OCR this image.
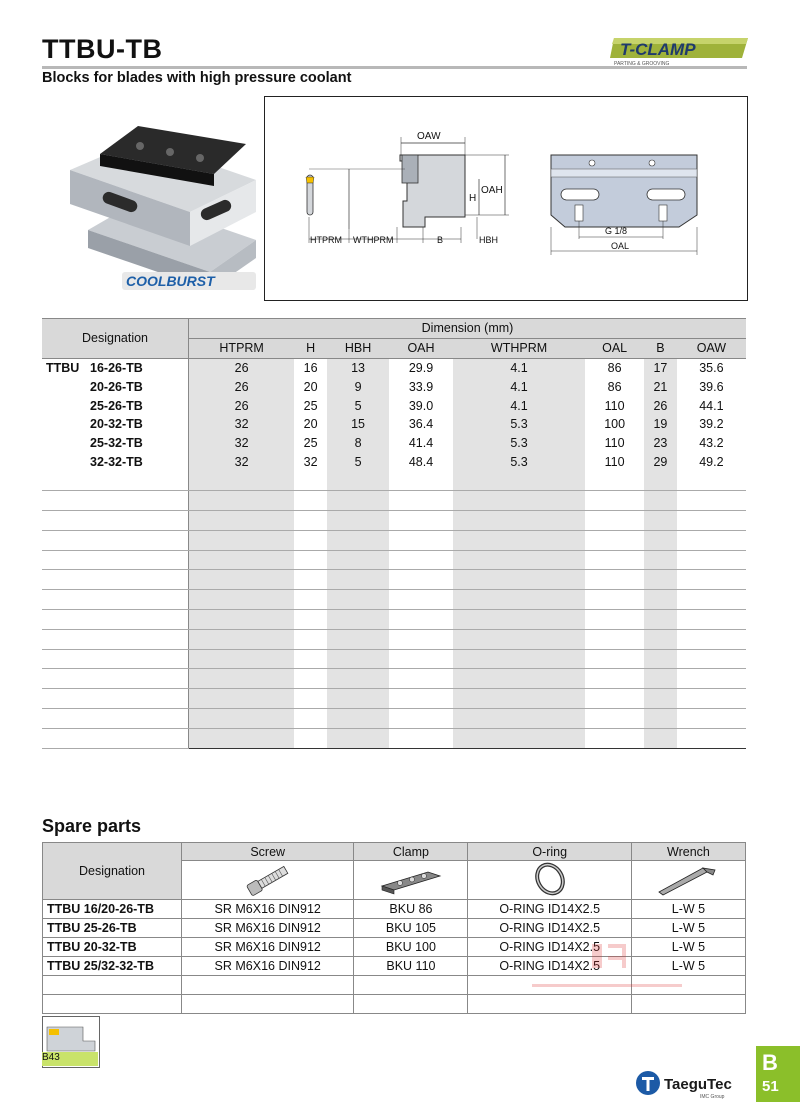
TTBU-TB
Blocks for blades with high pressure coolant
T-CLAMP
PARTING & GROOVING
COOLBURST
OAW
OAH
H
HTPRM WTHPRM	B	HBH
G 1/8
OAL
Designation	Dimension (mm)							
	HTPRM	H	HBH	OAH	WTHPRM	OAL	B	OAW
TTBU 16-26-TB	26	16	13	29.9	4.1	86	17	35.6
20-26-TB	26	20	9	33.9	4.1	86	21	39.6
25-26-TB	26	25	5	39.0	4.1	110	26	44.1
20-32-TB	32	20	15	36.4	5.3	100	19	39.2
25-32-TB	32	25	8	41.4	5.3	110	23	43.2
32-32-TB	32	32	5	48.4	5.3	110	29	49.2

Spare parts
Designation	Screw	Clamp	O-ring	Wrench

TTBU 16/20-26-TB	SR M6X16 DIN912	BKU 86	O-RING ID14X2.5	L-W 5
TTBU 25-26-TB	SR M6X16 DIN912	BKU 105	O-RING ID14X2.5	L-W 5
TTBU 20-32-TB	SR M6X16 DIN912	BKU 100	O-RING ID14X2.5	L-W 5
TTBU 25/32-32-TB	SR M6X16 DIN912	BKU 110	O-RING ID14X2.5	L-W 5

B43
TaeguTec
IMC Group
B
51
